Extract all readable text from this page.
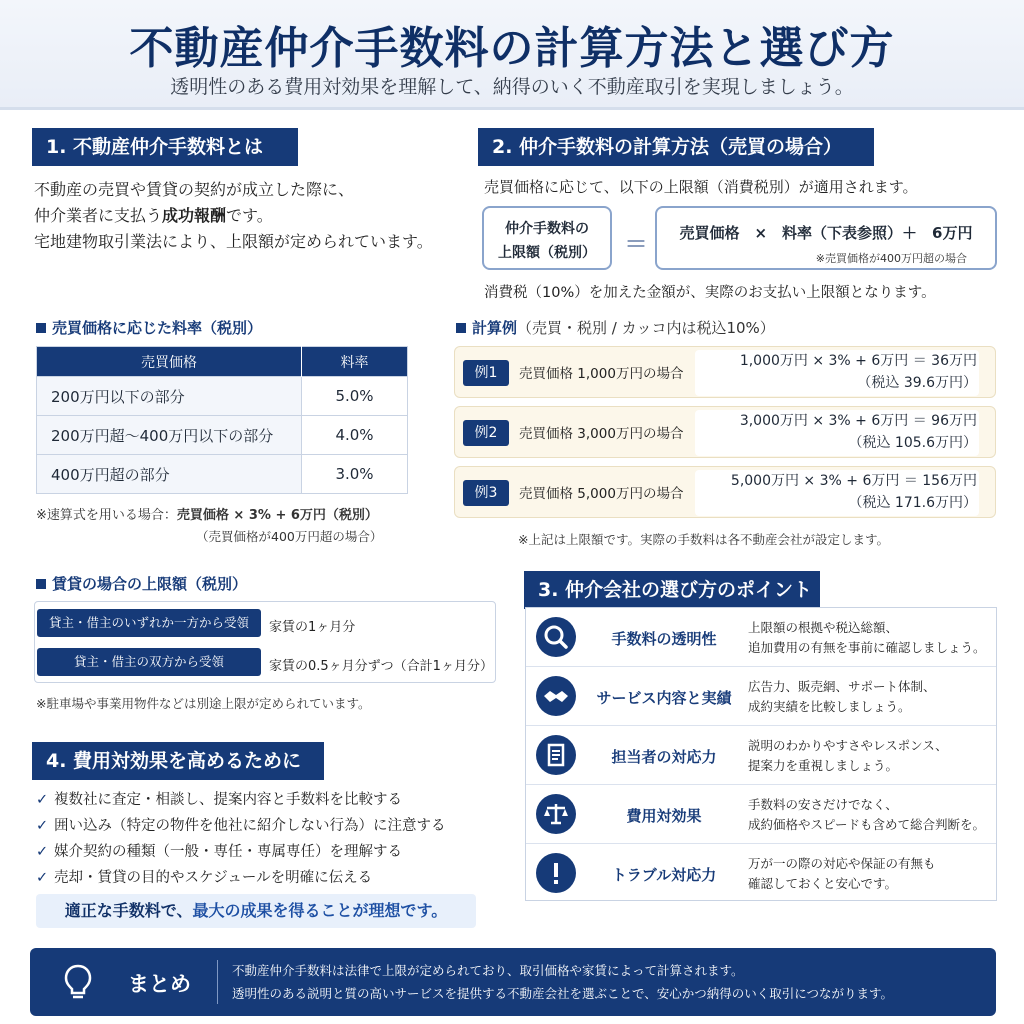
不動産仲介手数料の計算方法と選び方
透明性のある費用対効果を理解して、納得のいく不動産取引を実現しましょう。
1. 不動産仲介手数料とは
不動産の売買や賃貸の契約が成立した際に、
仲介業者に支払う成功報酬です。
宅地建物取引業法により、上限額が定められています。
売買価格に応じた料率（税別）
売買価格	料率
200万円以下の部分	5.0%
200万円超〜400万円以下の部分	4.0%
400万円超の部分	3.0%
※速算式を用いる場合：売買価格 × 3% + 6万円（税別）
（売買価格が400万円超の場合）
2. 仲介手数料の計算方法（売買の場合）
売買価格に応じて、以下の上限額（消費税別）が適用されます。
仲介手数料の
上限額（税別）	＝	売買価格　×　料率（下表参照）＋　6万円
※売買価格が400万円超の場合
消費税（10%）を加えた金額が、実際のお支払い上限額となります。
計算例（売買・税別 / カッコ内は税込10%）
例1	売買価格 1,000万円の場合
1,000万円 × 3% + 6万円 ＝ 36万円
（税込 39.6万円）
例2	売買価格 3,000万円の場合
3,000万円 × 3% + 6万円 ＝ 96万円
（税込 105.6万円）
例3	売買価格 5,000万円の場合
5,000万円 × 3% + 6万円 ＝ 156万円
（税込 171.6万円）
※上記は上限額です。実際の手数料は各不動産会社が設定します。
賃貸の場合の上限額（税別）
貸主・借主のいずれか一方から受領	家賃の1ヶ月分
貸主・借主の双方から受領	家賃の0.5ヶ月分ずつ（合計1ヶ月分）
※駐車場や事業用物件などは別途上限が定められています。
3. 仲介会社の選び方のポイント
手数料の透明性
上限額の根拠や税込総額、
追加費用の有無を事前に確認しましょう。
サービス内容と実績
広告力、販売網、サポート体制、
成約実績を比較しましょう。
担当者の対応力
説明のわかりやすさやレスポンス、
提案力を重視しましょう。
費用対効果
手数料の安さだけでなく、
成約価格やスピードも含めて総合判断を。
トラブル対応力
万が一の際の対応や保証の有無も
確認しておくと安心です。
4. 費用対効果を高めるために
✓ 複数社に査定・相談し、提案内容と手数料を比較する
✓ 囲い込み（特定の物件を他社に紹介しない行為）に注意する
✓ 媒介契約の種類（一般・専任・専属専任）を理解する
✓ 売却・賃貸の目的やスケジュールを明確に伝える
適正な手数料で、最大の成果を得ることが理想です。
まとめ
不動産仲介手数料は法律で上限が定められており、取引価格や家賃によって計算されます。
透明性のある説明と質の高いサービスを提供する不動産会社を選ぶことで、安心かつ納得のいく取引につながります。
